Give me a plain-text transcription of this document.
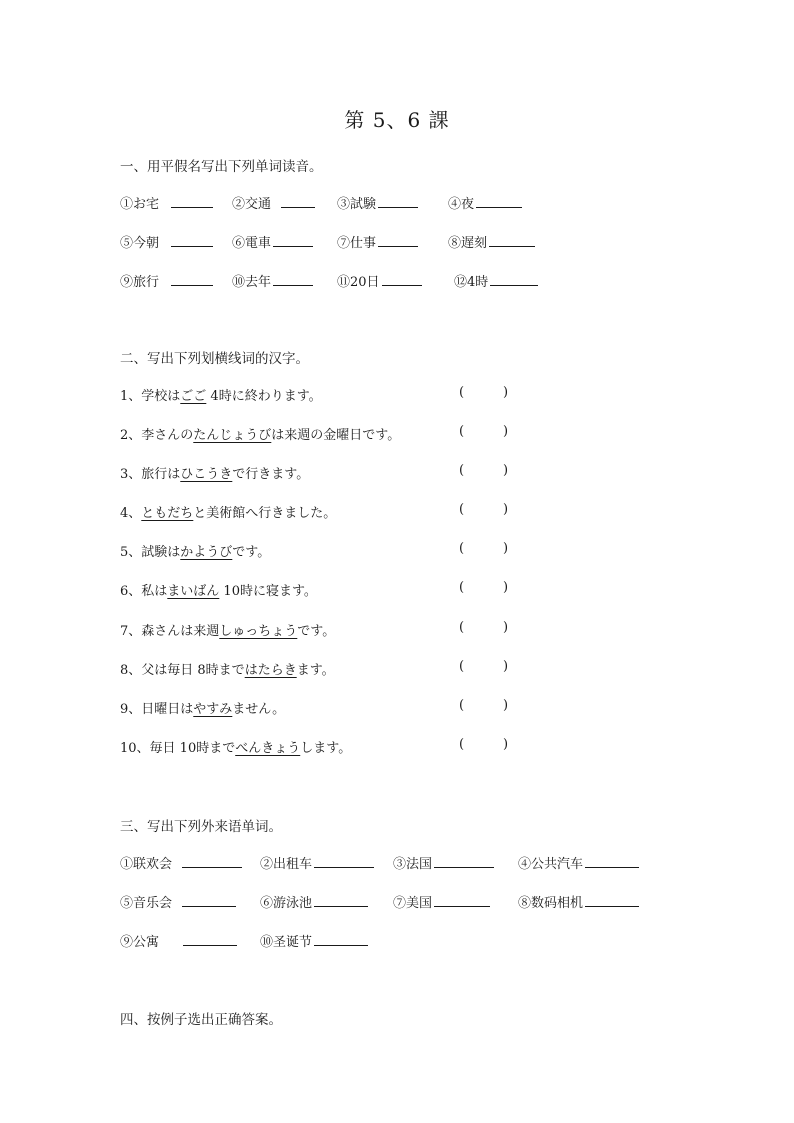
第 5、6 課
一、用平假名写出下列单词读音。
①お宅	②交通	③試験	④夜
⑤今朝	⑥電車	⑦仕事	⑧遅刻
⑨旅行	⑩去年	⑪20日	⑫4時
二、写出下列划横线词的汉字。
1、学校はごご 4時に終わります。	(	)
2、李さんのたんじょうびは来週の金曜日です。	(	)
3、旅行はひこうきで行きます。	(	)
4、ともだちと美術館へ行きました。	(	)
5、試験はかようびです。	(	)
6、私はまいばん 10時に寝ます。	(	)
7、森さんは来週しゅっちょうです。	(	)
8、父は毎日 8時まではたらきます。	(	)
9、日曜日はやすみません。	(	)
10、毎日 10時までべんきょうします。	(	)
三、写出下列外来语单词。
①联欢会	②出租车	③法国	④公共汽车
⑤音乐会	⑥游泳池	⑦美国	⑧数码相机
⑨公寓	⑩圣诞节
四、按例子选出正确答案。
